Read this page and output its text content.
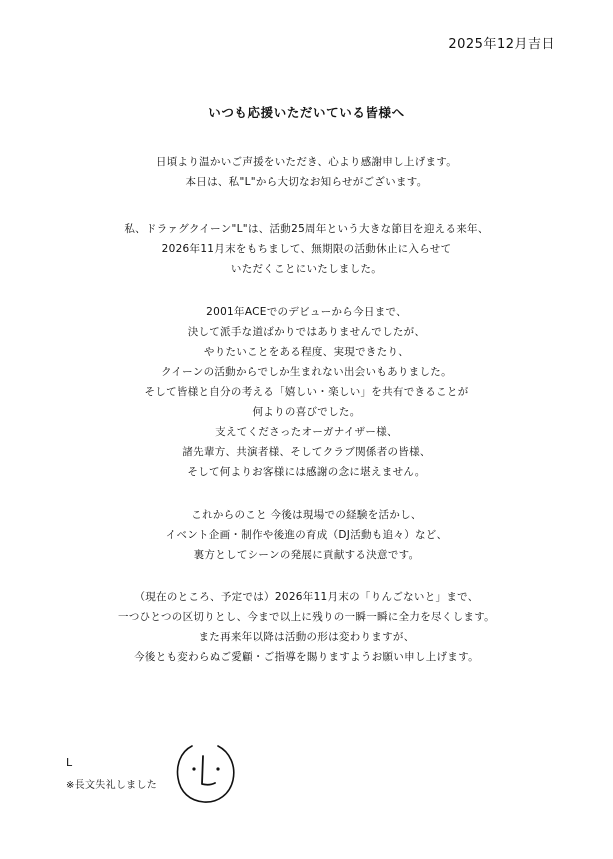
2025年12月吉日
いつも応援いただいている皆様へ
日頃より温かいご声援をいただき、心より感謝申し上げます。
本日は、私"L"から大切なお知らせがございます。
私、ドラァグクイーン"L"は、活動25周年という大きな節目を迎える来年、
2026年11月末をもちまして、無期限の活動休止に入らせて
いただくことにいたしました。
2001年ACEでのデビューから今日まで、
決して派手な道ばかりではありませんでしたが、
やりたいことをある程度、実現できたり、
クイーンの活動からでしか生まれない出会いもありました。
そして皆様と自分の考える「嬉しい・楽しい」を共有できることが
何よりの喜びでした。
支えてくださったオーガナイザー様、
諸先輩方、共演者様、そしてクラブ関係者の皆様、
そして何よりお客様には感謝の念に堪えません。
これからのこと 今後は現場での経験を活かし、
イベント企画・制作や後進の育成（DJ活動も追々）など、
裏方としてシーンの発展に貢献する決意です。
（現在のところ、予定では）2026年11月末の「りんごないと」まで、
一つひとつの区切りとし、今まで以上に残りの一瞬一瞬に全力を尽くします。
また再来年以降は活動の形は変わりますが、
今後とも変わらぬご愛顧・ご指導を賜りますようお願い申し上げます。
L
※長文失礼しました
